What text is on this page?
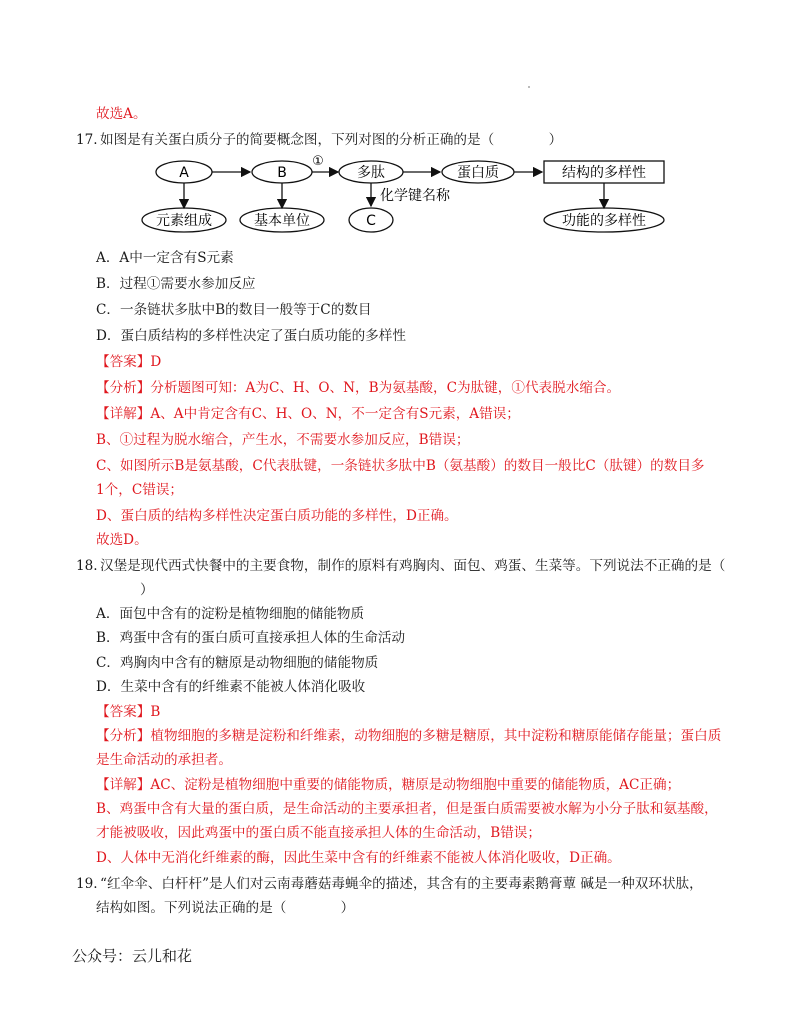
故选A。
17. 如图是有关蛋白质分子的简要概念图，下列对图的分析正确的是（　　　　）
A	B
①
多肽	蛋白质	结构的多样性
化学键名称
元素组成	基本单位	C	功能的多样性
A．A中一定含有S元素
B．过程①需要水参加反应
C．一条链状多肽中B的数目一般等于C的数目
D．蛋白质结构的多样性决定了蛋白质功能的多样性
【答案】D
【分析】分析题图可知：A为C、H、O、N，B为氨基酸，C为肽键，①代表脱水缩合。
【详解】A、A中肯定含有C、H、O、N，不一定含有S元素，A错误；
B、①过程为脱水缩合，产生水，不需要水参加反应，B错误；
C、如图所示B是氨基酸，C代表肽键，一条链状多肽中B（氨基酸）的数目一般比C（肽键）的数目多
1个，C错误；
D、蛋白质的结构多样性决定蛋白质功能的多样性，D正确。
故选D。
18. 汉堡是现代西式快餐中的主要食物，制作的原料有鸡胸肉、面包、鸡蛋、生菜等。下列说法不正确的是（
）
A．面包中含有的淀粉是植物细胞的储能物质
B．鸡蛋中含有的蛋白质可直接承担人体的生命活动
C．鸡胸肉中含有的糖原是动物细胞的储能物质
D．生菜中含有的纤维素不能被人体消化吸收
【答案】B
【分析】植物细胞的多糖是淀粉和纤维素，动物细胞的多糖是糖原，其中淀粉和糖原能储存能量；蛋白质
是生命活动的承担者。
【详解】AC、淀粉是植物细胞中重要的储能物质，糖原是动物细胞中重要的储能物质，AC正确；
B、鸡蛋中含有大量的蛋白质，是生命活动的主要承担者，但是蛋白质需要被水解为小分子肽和氨基酸，
才能被吸收，因此鸡蛋中的蛋白质不能直接承担人体的生命活动，B错误；
D、人体中无消化纤维素的酶，因此生菜中含有的纤维素不能被人体消化吸收，D正确。
19. “红伞伞、白杆杆”是人们对云南毒蘑菇毒蝇伞的描述，其含有的主要毒素鹅膏蕈 碱是一种双环状肽，
结构如图。下列说法正确的是（　　　　）
公众号：云儿和花
